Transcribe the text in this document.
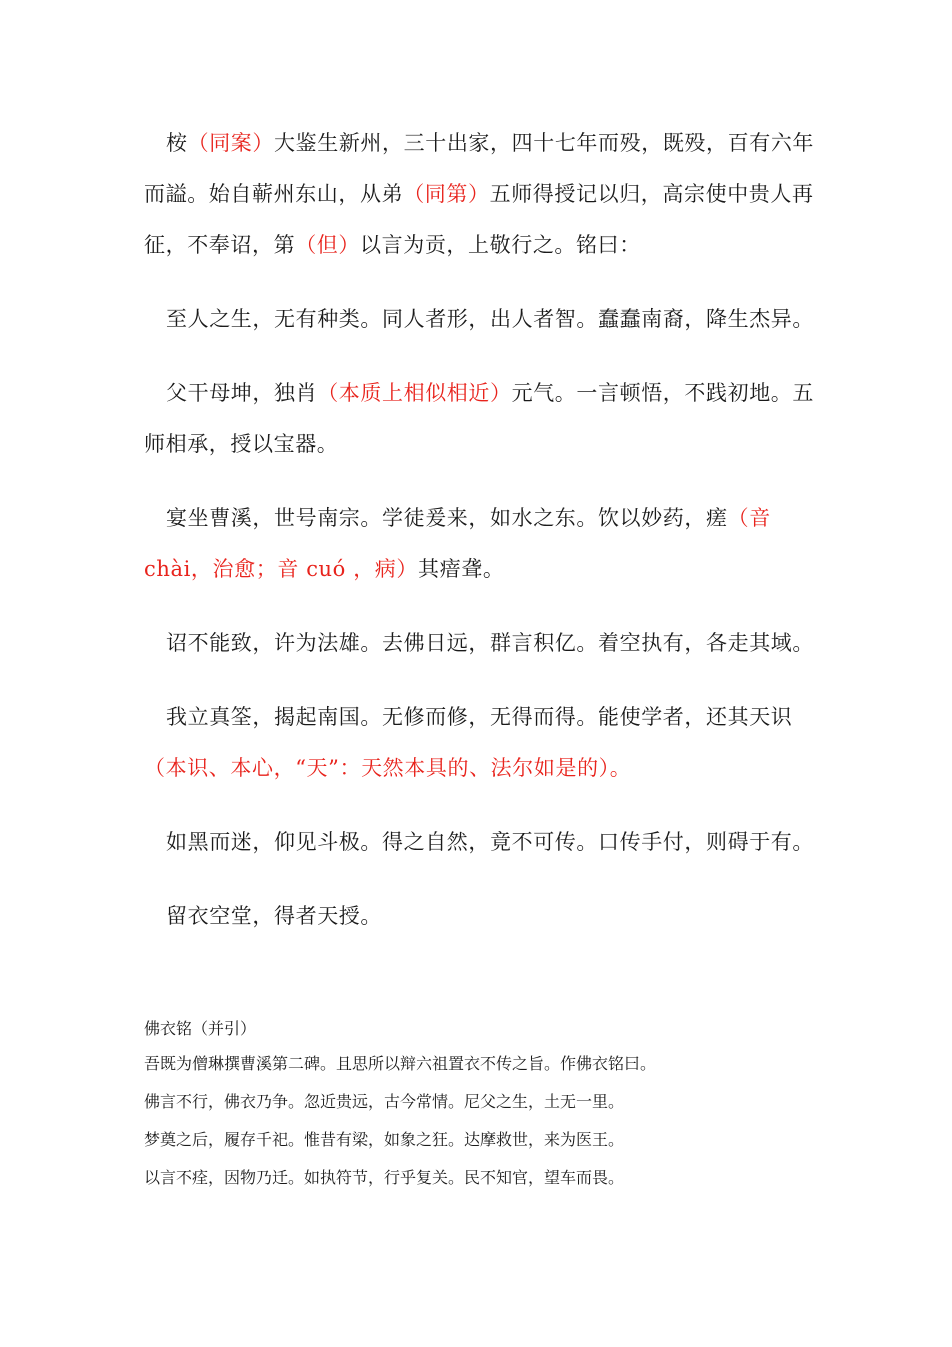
桉（同案）大鉴生新州，三十出家，四十七年而殁，既殁，百有六年而謚。始自蕲州东山，从弟（同第）五师得授记以归，高宗使中贵人再征，不奉诏，第（但）以言为贡，上敬行之。铭曰：

至人之生，无有种类。同人者形，出人者智。蠢蠢南裔，降生杰异。

父干母坤，独肖（本质上相似相近）元气。一言顿悟，不践初地。五师相承，授以宝器。

宴坐曹溪，世号南宗。学徒爰来，如水之东。饮以妙药，瘥（音chài，治愈；音 cuó ，病）其瘖聋。

诏不能致，许为法雄。去佛日远，群言积亿。着空执有，各走其域。

我立真筌，揭起南国。无修而修，无得而得。能使学者，还其天识（本识、本心，“天”：天然本具的、法尔如是的）。

如黑而迷，仰见斗极。得之自然，竟不可传。口传手付，则碍于有。

留衣空堂，得者天授。

佛衣铭（并引）
吾既为僧琳撰曹溪第二碑。且思所以辩六祖置衣不传之旨。作佛衣铭曰。
佛言不行，佛衣乃争。忽近贵远，古今常情。尼父之生，土无一里。
梦奠之后，履存千祀。惟昔有梁，如象之狂。达摩救世，来为医王。
以言不痊，因物乃迁。如执符节，行乎复关。民不知官，望车而畏。
